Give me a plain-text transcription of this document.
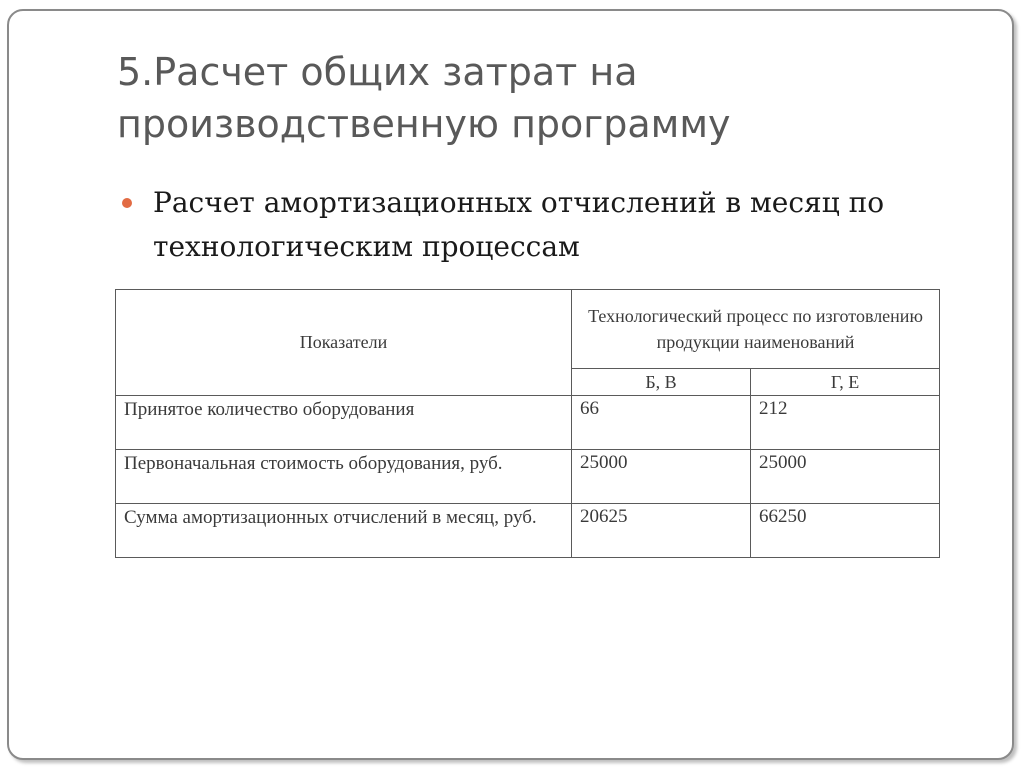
5.Расчет общих затрат на производственную программу
Расчет амортизационных отчислений в месяц по технологическим процессам
Показатели	Технологический процесс по изготовлению продукции наименований	
	Б, В	Г, Е
Принятое количество оборудования	66	212
Первоначальная стоимость оборудования, руб.	25000	25000
Сумма амортизационных отчислений в месяц, руб.	20625	66250
